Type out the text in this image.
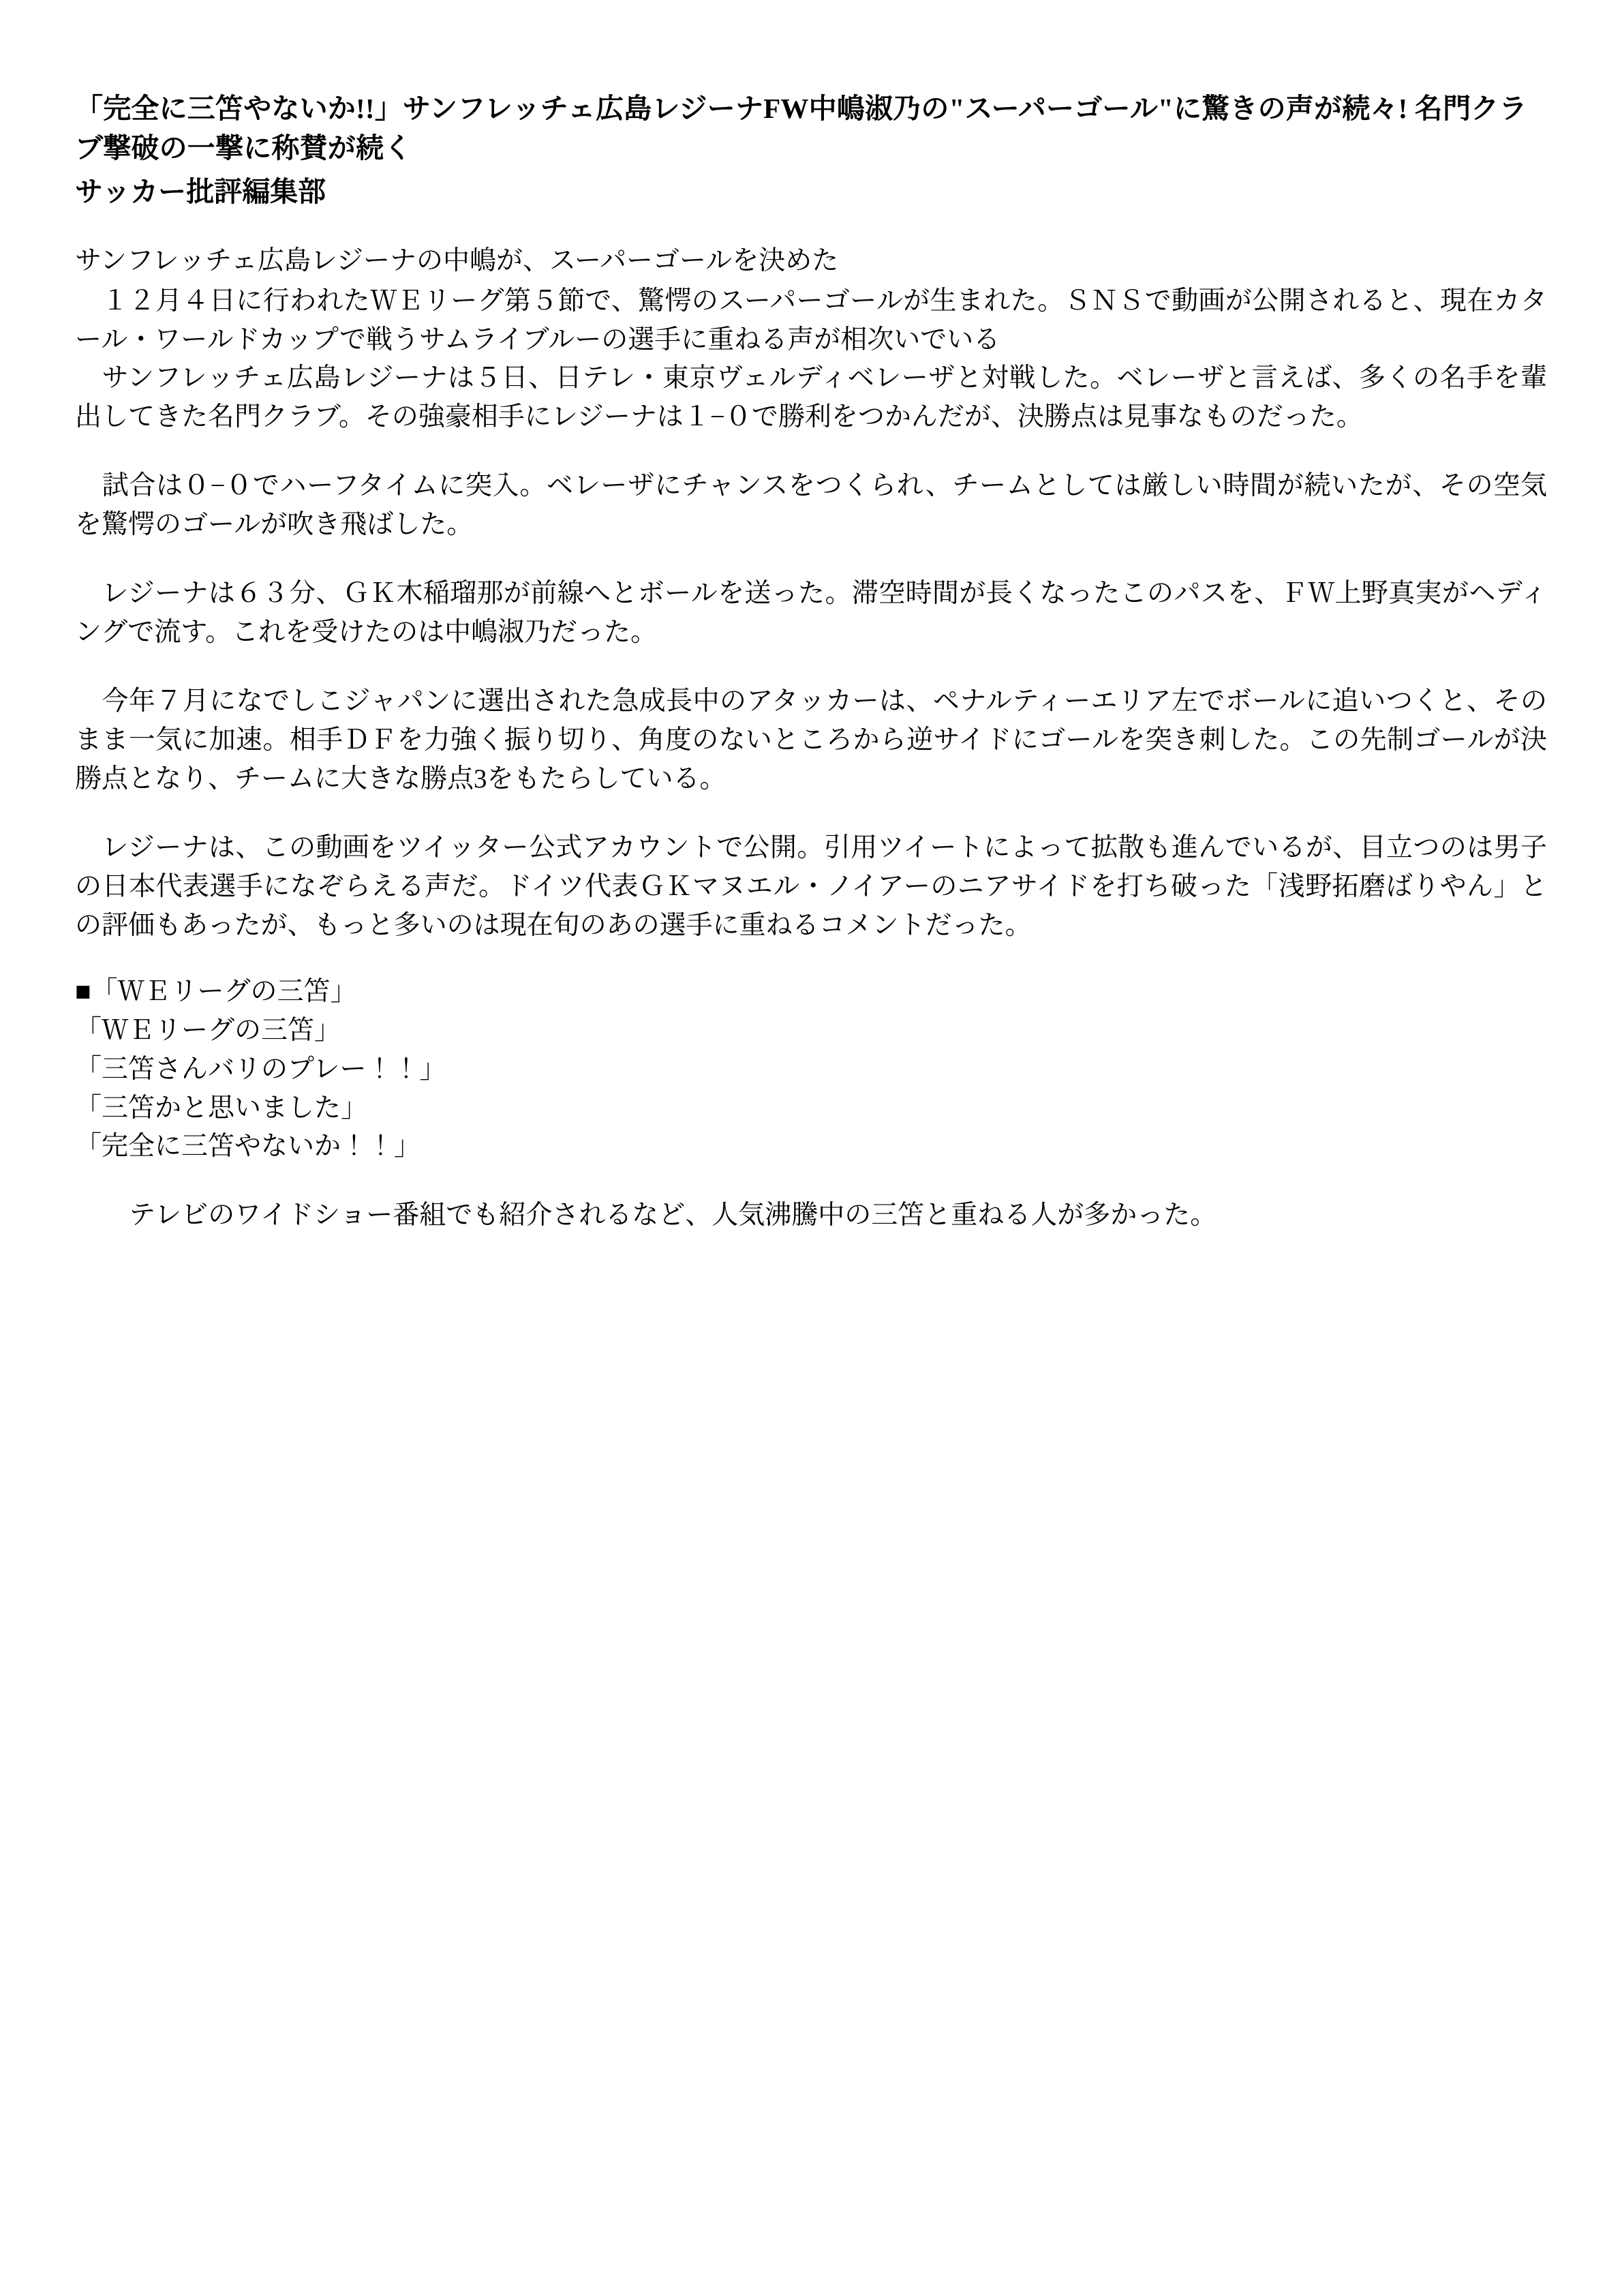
「完全に三笘やないか!!」サンフレッチェ広島レジーナFW中嶋淑乃の"スーパーゴール"に驚きの声が続々! 名門クラブ撃破の一撃に称賛が続く
サッカー批評編集部
サンフレッチェ広島レジーナの中嶋が、スーパーゴールを決めた

　１２月４日に行われたＷＥリーグ第５節で、驚愕のスーパーゴールが生まれた。ＳＮＳで動画が公開されると、現在カタール・ワールドカップで戦うサムライブルーの選手に重ねる声が相次いでいる

　サンフレッチェ広島レジーナは５日、日テレ・東京ヴェルディベレーザと対戦した。ベレーザと言えば、多くの名手を輩出してきた名門クラブ。その強豪相手にレジーナは１−０で勝利をつかんだが、決勝点は見事なものだった。

　試合は０−０でハーフタイムに突入。ベレーザにチャンスをつくられ、チームとしては厳しい時間が続いたが、その空気を驚愕のゴールが吹き飛ばした。

　レジーナは６３分、ＧＫ木稲瑠那が前線へとボールを送った。滞空時間が長くなったこのパスを、ＦＷ上野真実がヘディングで流す。これを受けたのは中嶋淑乃だった。

　今年７月になでしこジャパンに選出された急成長中のアタッカーは、ペナルティーエリア左でボールに追いつくと、そのまま一気に加速。相手ＤＦを力強く振り切り、角度のないところから逆サイドにゴールを突き刺した。この先制ゴールが決勝点となり、チームに大きな勝点3をもたらしている。

　レジーナは、この動画をツイッター公式アカウントで公開。引用ツイートによって拡散も進んでいるが、目立つのは男子の日本代表選手になぞらえる声だ。ドイツ代表ＧＫマヌエル・ノイアーのニアサイドを打ち破った「浅野拓磨ばりやん」との評価もあったが、もっと多いのは現在旬のあの選手に重ねるコメントだった。

■「ＷＥリーグの三笘」
「ＷＥリーグの三笘」
「三笘さんバリのプレー！！」
「三笘かと思いました」
「完全に三笘やないか！！」
　テレビのワイドショー番組でも紹介されるなど、人気沸騰中の三笘と重ねる人が多かった。
